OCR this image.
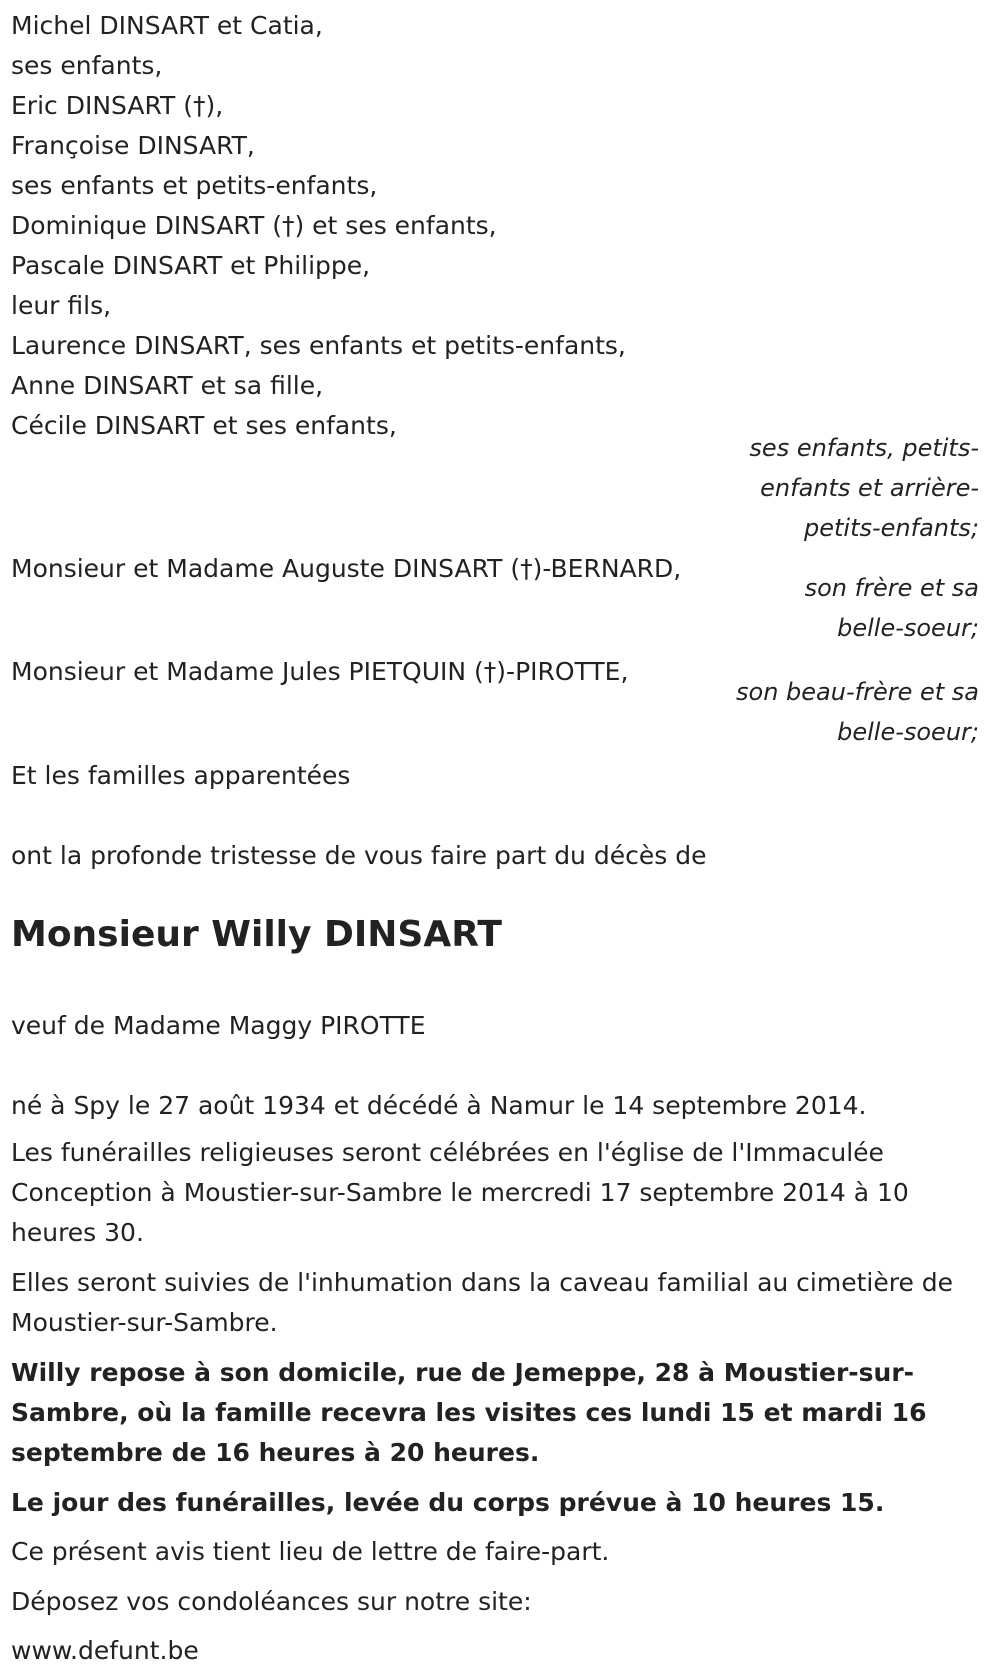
Michel DINSART et Catia,
ses enfants,
Eric DINSART (†),
Françoise DINSART,
ses enfants et petits-enfants,
Dominique DINSART (†) et ses enfants,
Pascale DINSART et Philippe,
leur fils,
Laurence DINSART, ses enfants et petits-enfants,
Anne DINSART et sa fille,
Cécile DINSART et ses enfants,
ses enfants, petits-
enfants et arrière-
petits-enfants;
Monsieur et Madame Auguste DINSART (†)-BERNARD,
son frère et sa
belle-soeur;
Monsieur et Madame Jules PIETQUIN (†)-PIROTTE,
son beau-frère et sa
belle-soeur;
Et les familles apparentées
ont la profonde tristesse de vous faire part du décès de
Monsieur Willy DINSART
veuf de Madame Maggy PIROTTE
né à Spy le 27 août 1934 et décédé à Namur le 14 septembre 2014.
Les funérailles religieuses seront célébrées en l'église de l'Immaculée Conception à Moustier-sur-Sambre le mercredi 17 septembre 2014 à 10 heures 30.
Elles seront suivies de l'inhumation dans la caveau familial au cimetière de Moustier-sur-Sambre.
Willy repose à son domicile, rue de Jemeppe, 28 à Moustier-sur-Sambre, où la famille recevra les visites ces lundi 15 et mardi 16 septembre de 16 heures à 20 heures.
Le jour des funérailles, levée du corps prévue à 10 heures 15.
Ce présent avis tient lieu de lettre de faire-part.
Déposez vos condoléances sur notre site:
www.defunt.be
